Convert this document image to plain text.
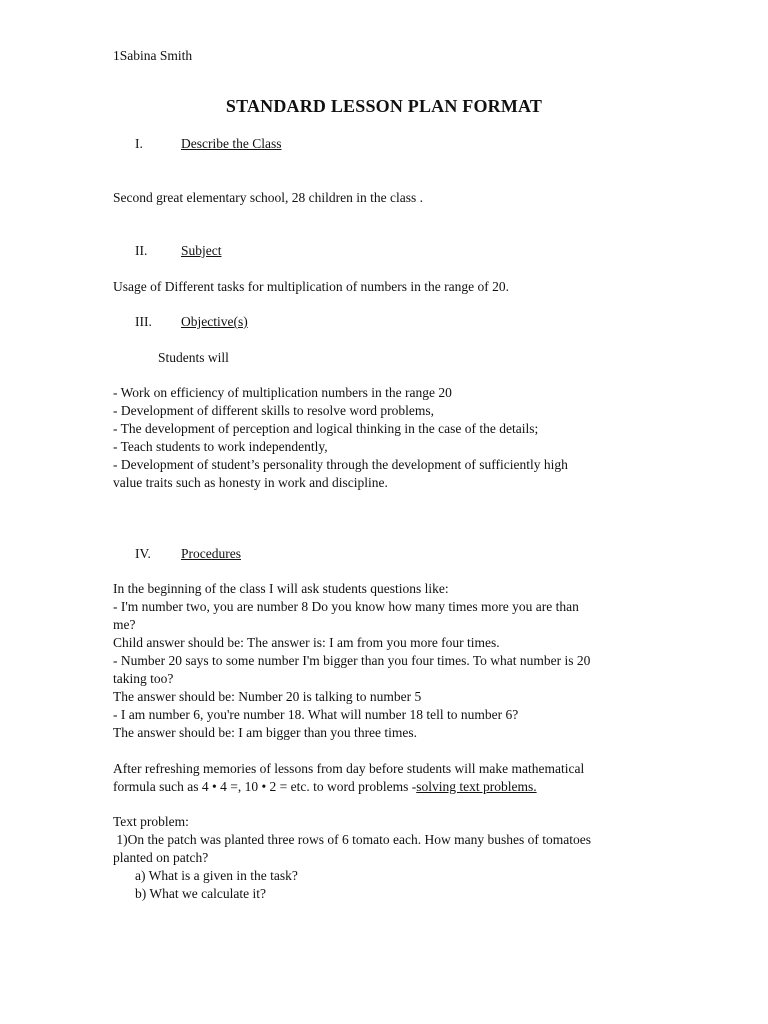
1Sabina Smith
STANDARD LESSON PLAN FORMAT
I.	Describe the Class
Second great elementary school, 28 children in the class .
II. Subject
Usage of Different tasks for multiplication of numbers in the range of 20.
III. Objective(s)
Students will
- Work on efficiency of multiplication numbers in the range 20
- Development of different skills to resolve word problems,
- The development of perception and logical thinking in the case of the details;
- Teach students to work independently,
- Development of student’s personality through the development of sufficiently high
value traits such as honesty in work and discipline.
IV. Procedures
In the beginning of the class I will ask students questions like:
- I'm number two, you are number 8 Do you know how many times more you are than
me?
Child answer should be: The answer is: I am from you more four times.
- Number 20 says to some number I'm bigger than you four times. To what number is 20
taking too?
The answer should be: Number 20 is talking to number 5
- I am number 6, you're number 18. What will number 18 tell to number 6?
The answer should be: I am bigger than you three times.
After refreshing memories of lessons from day before students will make mathematical
formula such as 4 • 4 =, 10 • 2 = etc. to word problems -solving text problems.
Text problem:
1)On the patch was planted three rows of 6 tomato each. How many bushes of tomatoes
planted on patch?
a) What is a given in the task?
b) What we calculate it?
